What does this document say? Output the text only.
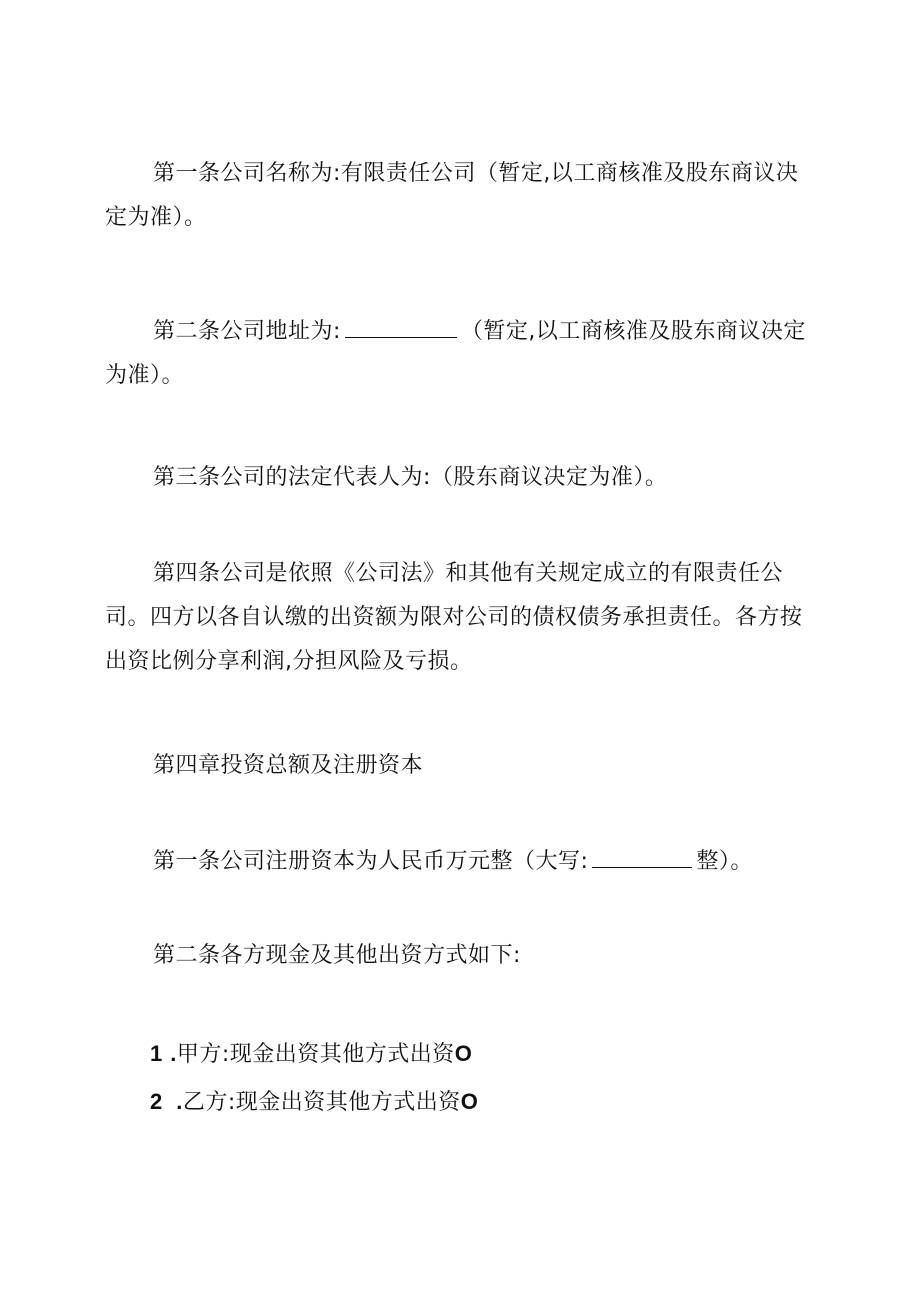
第一条公司名称为:有限责任公司（暂定,以工商核准及股东商议决定为准）。

第二条公司地址为:	（暂定,以工商核准及股东商议决定为准）。

第三条公司的法定代表人为:（股东商议决定为准）。

第四条公司是依照《公司法》和其他有关规定成立的有限责任公司。四方以各自认缴的出资额为限对公司的债权债务承担责任。各方按出资比例分享利润,分担风险及亏损。

第四章投资总额及注册资本

第一条公司注册资本为人民币万元整（大写:	整）。

第二条各方现金及其他出资方式如下:

1 .甲方:现金出资其他方式出资O
2 .乙方:现金出资其他方式出资O
